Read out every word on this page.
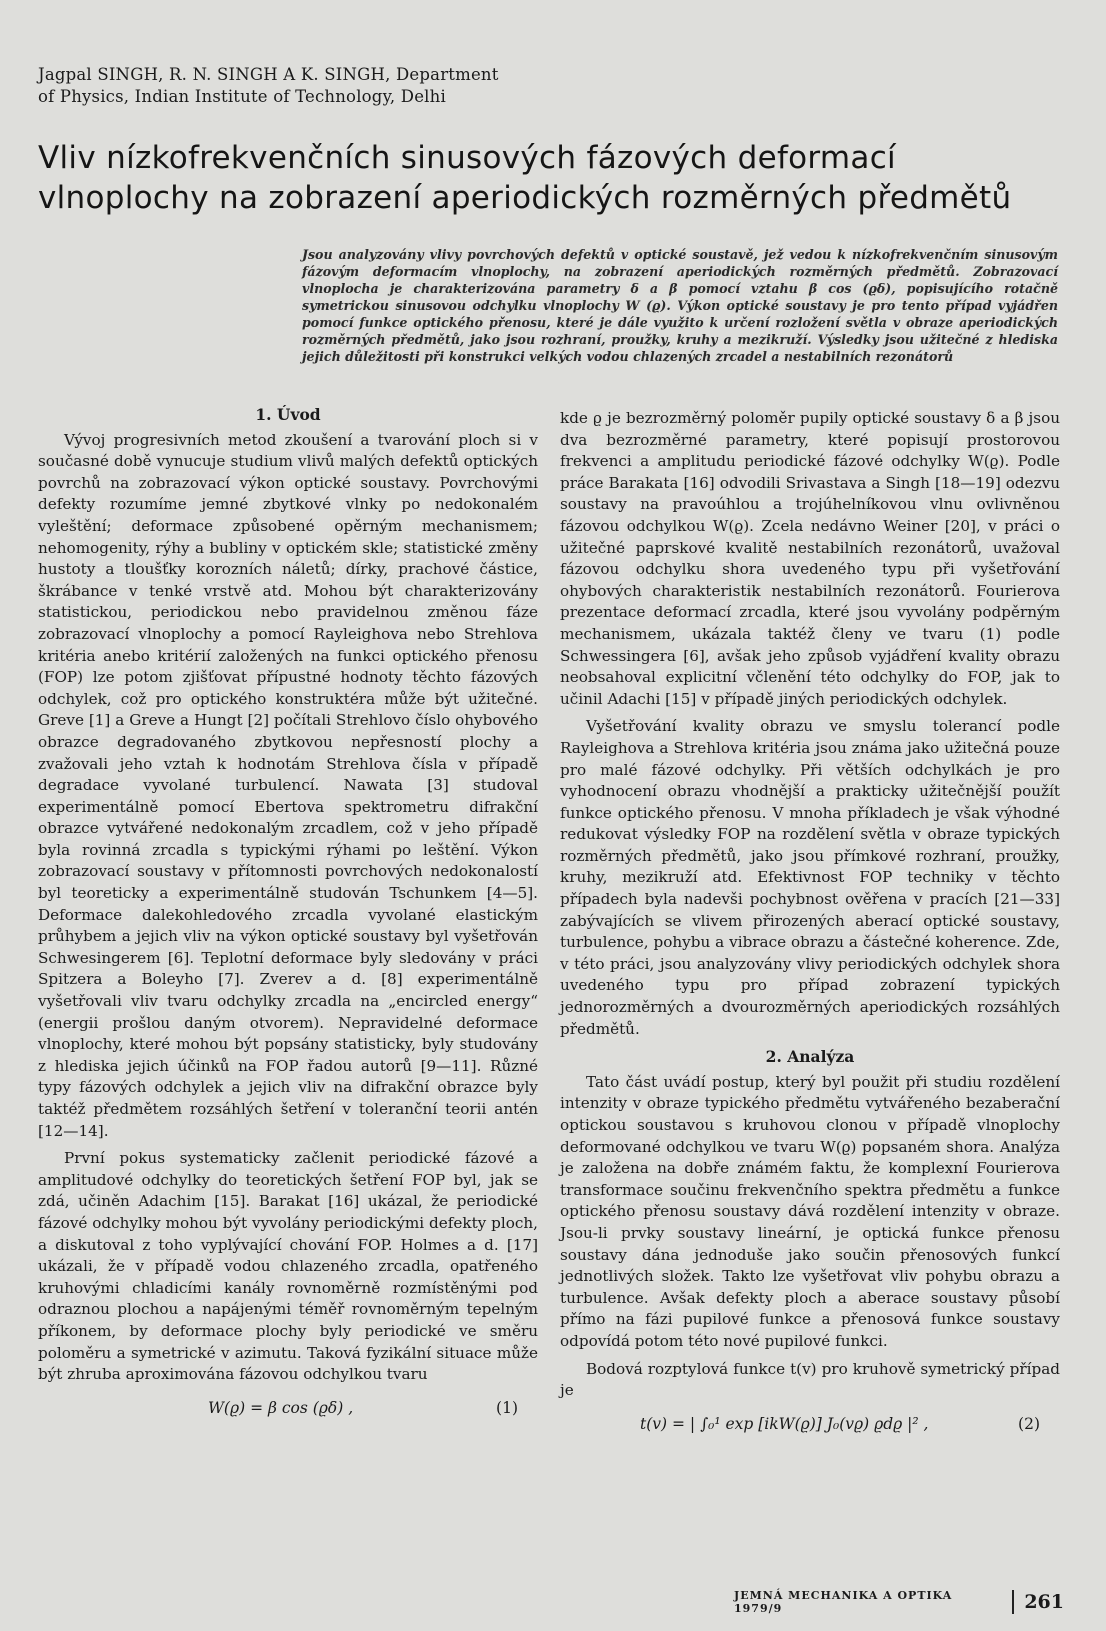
Jagpal SINGH, R. N. SINGH A K. SINGH, Department
of Physics, Indian Institute of Technology, Delhi
Vliv nízkofrekvenčních sinusových fázových deformací
vlnoplochy na zobrazení aperiodických rozměrných předmětů
Jsou analyzovány vlivy povrchových defektů v optické soustavě, jež vedou k nízkofrekvenčním sinusovým fázovým deformacím vlnoplochy, na zobrazení aperiodických rozměrných předmětů. Zobrazovací vlnoplocha je charakterizována parametry δ a β pomocí vztahu β cos (ϱδ), popisujícího rotačně symetrickou sinusovou odchylku vlnoplochy W (ϱ). Výkon optické soustavy je pro tento případ vyjádřen pomocí funkce optického přenosu, které je dále využito k určení rozložení světla v obraze aperiodických rozměrných předmětů, jako jsou rozhraní, proužky, kruhy a mezikruží. Výsledky jsou užitečné z hlediska jejich důležitosti při konstrukci velkých vodou chlazených zrcadel a nestabilních rezonátorů
1. Úvod

Vývoj progresivních metod zkoušení a tvarování ploch si v současné době vynucuje studium vlivů malých defektů optických povrchů na zobrazovací výkon optické soustavy. Povrchovými defekty rozumíme jemné zbytkové vlnky po nedokonalém vyleštění; deformace způsobené opěrným mechanismem; nehomogenity, rýhy a bubliny v optickém skle; statistické změny hustoty a tloušťky korozních náletů; dírky, prachové částice, škrábance v tenké vrstvě atd. Mohou být charakterizovány statistickou, periodickou nebo pravidelnou změnou fáze zobrazovací vlnoplochy a pomocí Rayleighova nebo Strehlova kritéria anebo kritérií založených na funkci optického přenosu (FOP) lze potom zjišťovat přípustné hodnoty těchto fázových odchylek, což pro optického konstruktéra může být užitečné. Greve [1] a Greve a Hungt [2] počítali Strehlovo číslo ohybového obrazce degradovaného zbytkovou nepřesností plochy a zvažovali jeho vztah k hodnotám Strehlova čísla v případě degradace vyvolané turbulencí. Nawata [3] studoval experimentálně pomocí Ebertova spektrometru difrakční obrazce vytvářené nedokonalým zrcadlem, což v jeho případě byla rovinná zrcadla s typickými rýhami po leštění. Výkon zobrazovací soustavy v přítomnosti povrchových nedokonalostí byl teoreticky a experimentálně studován Tschunkem [4—5]. Deformace dalekohledového zrcadla vyvolané elastickým průhybem a jejich vliv na výkon optické soustavy byl vyšetřován Schwesingerem [6]. Teplotní deformace byly sledovány v práci Spitzera a Boleyho [7]. Zverev a d. [8] experimentálně vyšetřovali vliv tvaru odchylky zrcadla na „encircled energy“ (energii prošlou daným otvorem). Nepravidelné deformace vlnoplochy, které mohou být popsány statisticky, byly studovány z hlediska jejich účinků na FOP řadou autorů [9—11]. Různé typy fázových odchylek a jejich vliv na difrakční obrazce byly taktéž předmětem rozsáhlých šetření v toleranční teorii antén [12—14].

První pokus systematicky začlenit periodické fázové a amplitudové odchylky do teoretických šetření FOP byl, jak se zdá, učiněn Adachim [15]. Barakat [16] ukázal, že periodické fázové odchylky mohou být vyvolány periodickými defekty ploch, a diskutoval z toho vyplývající chování FOP. Holmes a d. [17] ukázali, že v případě vodou chlazeného zrcadla, opatřeného kruhovými chladicími kanály rovnoměrně rozmístěnými pod odraznou plochou a napájenými téměř rovnoměrným tepelným příkonem, by deformace plochy byly periodické ve směru poloměru a symetrické v azimutu. Taková fyzikální situace může být zhruba aproximována fázovou odchylkou tvaru

W(ϱ) = β cos (ϱδ) ,	(1)

kde ϱ je bezrozměrný poloměr pupily optické soustavy δ a β jsou dva bezrozměrné parametry, které popisují prostorovou frekvenci a amplitudu periodické fázové odchylky W(ϱ). Podle práce Barakata [16] odvodili Srivastava a Singh [18—19] odezvu soustavy na pravoúhlou a trojúhelníkovou vlnu ovlivněnou fázovou odchylkou W(ϱ). Zcela nedávno Weiner [20], v práci o užitečné paprskové kvalitě nestabilních rezonátorů, uvažoval fázovou odchylku shora uvedeného typu při vyšetřování ohybových charakteristik nestabilních rezonátorů. Fourierova prezentace deformací zrcadla, které jsou vyvolány podpěrným mechanismem, ukázala taktéž členy ve tvaru (1) podle Schwessingera [6], avšak jeho způsob vyjádření kvality obrazu neobsahoval explicitní včlenění této odchylky do FOP, jak to učinil Adachi [15] v případě jiných periodických odchylek.

Vyšetřování kvality obrazu ve smyslu tolerancí podle Rayleighova a Strehlova kritéria jsou známa jako užitečná pouze pro malé fázové odchylky. Při větších odchylkách je pro vyhodnocení obrazu vhodnější a prakticky užitečnější použít funkce optického přenosu. V mnoha příkladech je však výhodné redukovat výsledky FOP na rozdělení světla v obraze typických rozměrných předmětů, jako jsou přímkové rozhraní, proužky, kruhy, mezikruží atd. Efektivnost FOP techniky v těchto případech byla nadevši pochybnost ověřena v pracích [21—33] zabývajících se vlivem přirozených aberací optické soustavy, turbulence, pohybu a vibrace obrazu a částečné koherence. Zde, v této práci, jsou analyzovány vlivy periodických odchylek shora uvedeného typu pro případ zobrazení typických jednorozměrných a dvourozměrných aperiodických rozsáhlých předmětů.

2. Analýza

Tato část uvádí postup, který byl použit při studiu rozdělení intenzity v obraze typického předmětu vytvářeného bezaberační optickou soustavou s kruhovou clonou v případě vlnoplochy deformované odchylkou ve tvaru W(ϱ) popsaném shora. Analýza je založena na dobře známém faktu, že komplexní Fourierova transformace součinu frekvenčního spektra předmětu a funkce optického přenosu soustavy dává rozdělení intenzity v obraze. Jsou-li prvky soustavy lineární, je optická funkce přenosu soustavy dána jednoduše jako součin přenosových funkcí jednotlivých složek. Takto lze vyšetřovat vliv pohybu obrazu a turbulence. Avšak defekty ploch a aberace soustavy působí přímo na fázi pupilové funkce a přenosová funkce soustavy odpovídá potom této nové pupilové funkci.

Bodová rozptylová funkce t(v) pro kruhově symetrický případ je

t(v) = | ∫₀¹ exp [ikW(ϱ)] J₀(vϱ) ϱdϱ |² ,	(2)
JEMNÁ MECHANIKA A OPTIKA 1979/9	261
